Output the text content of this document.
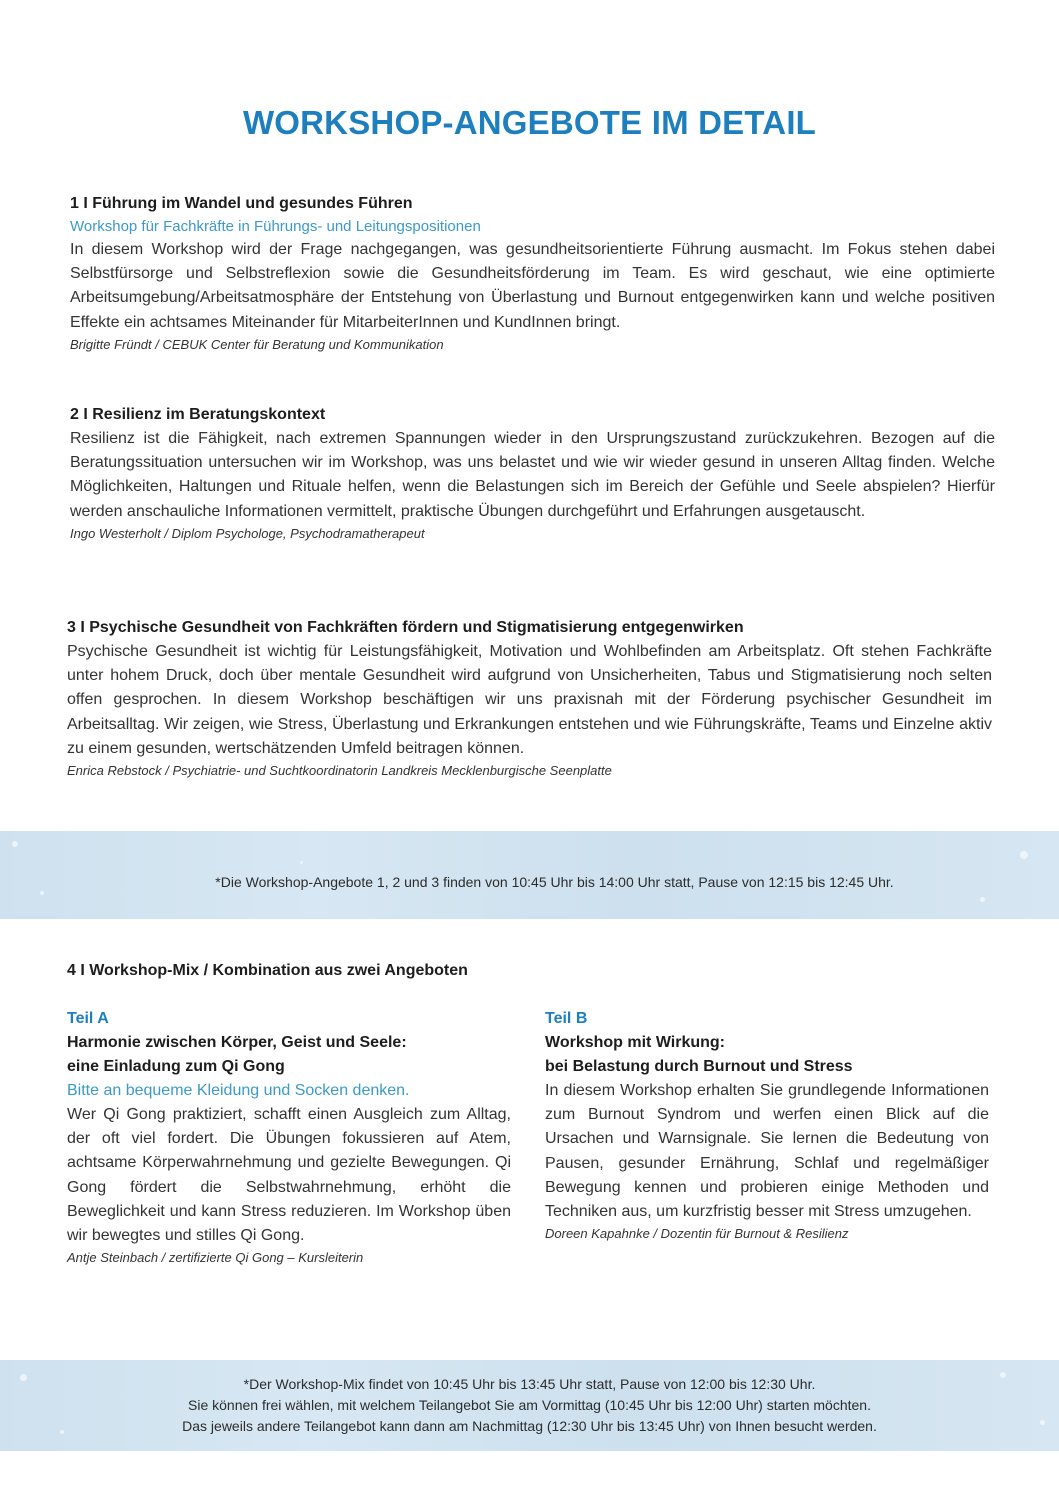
WORKSHOP-ANGEBOTE IM DETAIL
1 I Führung im Wandel und gesundes Führen
Workshop für Fachkräfte in Führungs- und Leitungspositionen
In diesem Workshop wird der Frage nachgegangen, was gesundheitsorientierte Führung ausmacht. Im Fokus stehen dabei Selbstfürsorge und Selbstreflexion sowie die Gesundheitsförderung im Team. Es wird geschaut, wie eine optimierte Arbeitsumgebung/Arbeitsatmosphäre der Entstehung von Überlastung und Burnout entgegenwirken kann und welche positiven Effekte ein achtsames Miteinander für MitarbeiterInnen und KundInnen bringt.
Brigitte Fründt / CEBUK Center für Beratung und Kommunikation
2 I Resilienz im Beratungskontext
Resilienz ist die Fähigkeit, nach extremen Spannungen wieder in den Ursprungszustand zurückzukehren. Bezogen auf die Beratungssituation untersuchen wir im Workshop, was uns belastet und wie wir wieder gesund in unseren Alltag finden. Welche Möglichkeiten, Haltungen und Rituale helfen, wenn die Belastungen sich im Bereich der Gefühle und Seele abspielen? Hierfür werden anschauliche Informationen vermittelt, praktische Übungen durchgeführt und Erfahrungen ausgetauscht.
Ingo Westerholt / Diplom Psychologe, Psychodramatherapeut
3 I Psychische Gesundheit von Fachkräften fördern und Stigmatisierung entgegenwirken
Psychische Gesundheit ist wichtig für Leistungsfähigkeit, Motivation und Wohlbefinden am Arbeitsplatz. Oft stehen Fachkräfte unter hohem Druck, doch über mentale Gesundheit wird aufgrund von Unsicherheiten, Tabus und Stigmatisierung noch selten offen gesprochen. In diesem Workshop beschäftigen wir uns praxisnah mit der Förderung psychischer Gesundheit im Arbeitsalltag. Wir zeigen, wie Stress, Überlastung und Erkrankungen entstehen und wie Führungskräfte, Teams und Einzelne aktiv zu einem gesunden, wertschätzenden Umfeld beitragen können.
Enrica Rebstock / Psychiatrie- und Suchtkoordinatorin Landkreis Mecklenburgische Seenplatte
*Die Workshop-Angebote 1, 2 und 3 finden von 10:45 Uhr bis 14:00 Uhr statt, Pause von 12:15 bis 12:45 Uhr.
4 I Workshop-Mix / Kombination aus zwei Angeboten
Teil A
Harmonie zwischen Körper, Geist und Seele:
eine Einladung zum Qi Gong
Bitte an bequeme Kleidung und Socken denken.
Wer Qi Gong praktiziert, schafft einen Ausgleich zum Alltag, der oft viel fordert. Die Übungen fokussieren auf Atem, achtsame Körperwahrnehmung und gezielte Bewegungen. Qi Gong fördert die Selbstwahrnehmung, erhöht die Beweglichkeit und kann Stress reduzieren. Im Workshop üben wir bewegtes und stilles Qi Gong.
Antje Steinbach / zertifizierte Qi Gong – Kursleiterin
Teil B
Workshop mit Wirkung:
bei Belastung durch Burnout und Stress
In diesem Workshop erhalten Sie grundlegende Informationen zum Burnout Syndrom und werfen einen Blick auf die Ursachen und Warnsignale. Sie lernen die Bedeutung von Pausen, gesunder Ernährung, Schlaf und regelmäßiger Bewegung kennen und probieren einige Methoden und Techniken aus, um kurzfristig besser mit Stress umzugehen.
Doreen Kapahnke / Dozentin für Burnout & Resilienz
*Der Workshop-Mix findet von 10:45 Uhr bis 13:45 Uhr statt, Pause von 12:00 bis 12:30 Uhr.
Sie können frei wählen, mit welchem Teilangebot Sie am Vormittag (10:45 Uhr bis 12:00 Uhr) starten möchten.
Das jeweils andere Teilangebot kann dann am Nachmittag (12:30 Uhr bis 13:45 Uhr) von Ihnen besucht werden.
